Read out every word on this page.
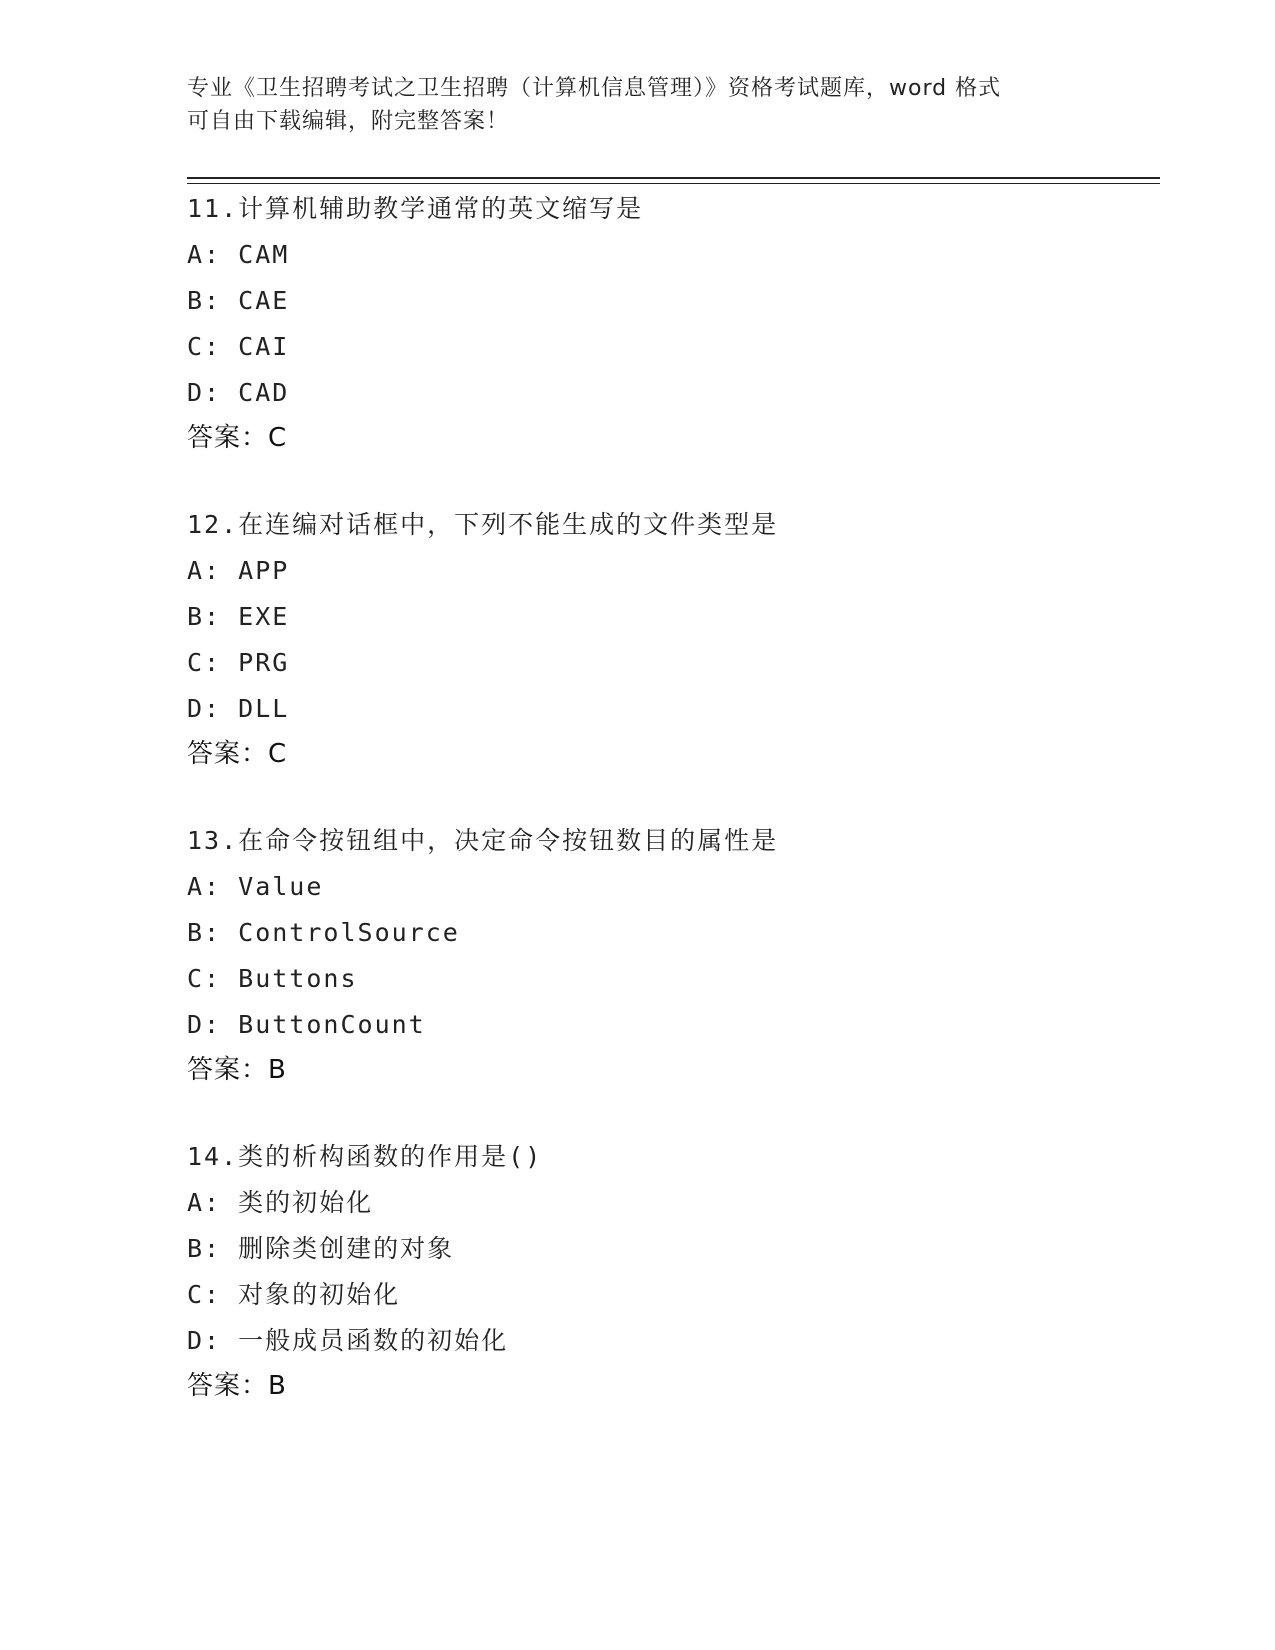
专业《卫生招聘考试之卫生招聘（计算机信息管理）》资格考试题库，word 格式
可自由下载编辑，附完整答案！
11.计算机辅助教学通常的英文缩写是
A: CAM
B: CAE
C: CAI
D: CAD
答案：C
12.在连编对话框中，下列不能生成的文件类型是
A: APP
B: EXE
C: PRG
D: DLL
答案：C
13.在命令按钮组中，决定命令按钮数目的属性是
A: Value
B: ControlSource
C: Buttons
D: ButtonCount
答案：B
14.类的析构函数的作用是()
A: 类的初始化
B: 删除类创建的对象
C: 对象的初始化
D: 一般成员函数的初始化
答案：B
